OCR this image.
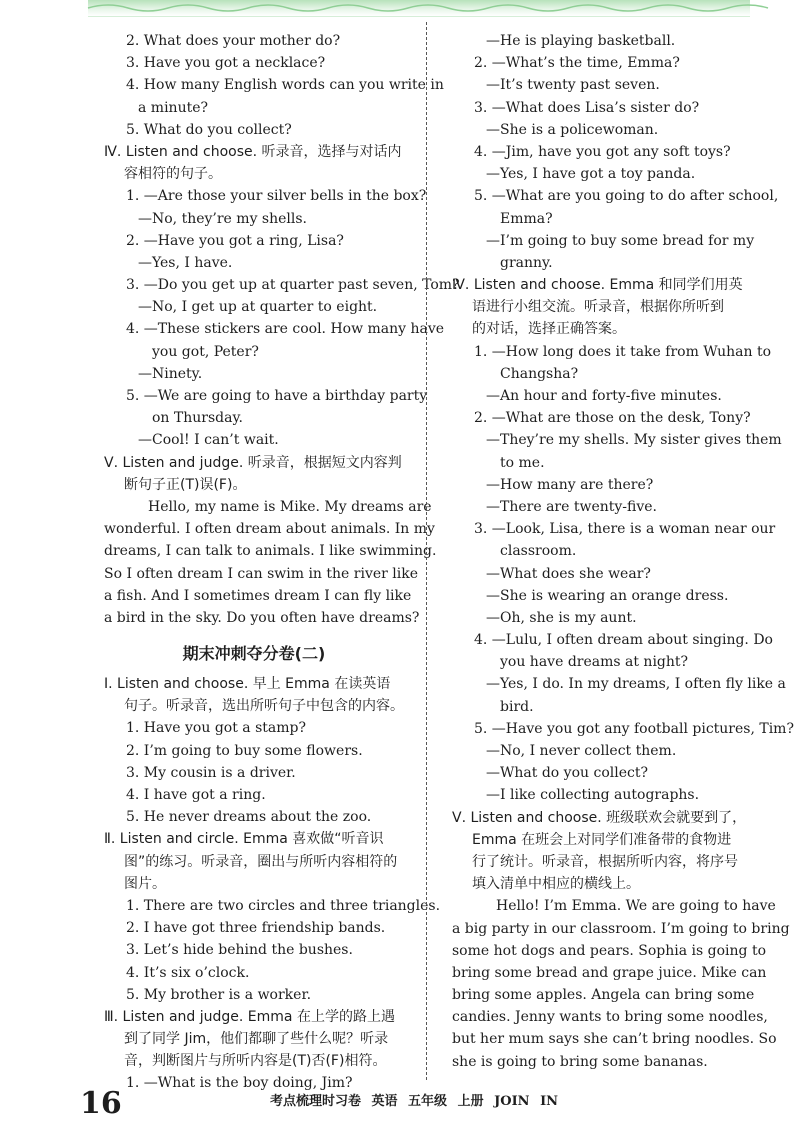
2. What does your mother do?
3. Have you got a necklace?
4. How many English words can you write in
a minute?
5. What do you collect?
Ⅳ. Listen and choose. 听录音，选择与对话内
容相符的句子。
1. —Are those your silver bells in the box?
—No, they’re my shells.
2. —Have you got a ring, Lisa?
—Yes, I have.
3. —Do you get up at quarter past seven, Tom?
—No, I get up at quarter to eight.
4. —These stickers are cool. How many have
you got, Peter?
—Ninety.
5. —We are going to have a birthday party
on Thursday.
—Cool! I can’t wait.
Ⅴ. Listen and judge. 听录音，根据短文内容判
断句子正(T)误(F)。
Hello, my name is Mike. My dreams are
wonderful. I often dream about animals. In my
dreams, I can talk to animals. I like swimming.
So I often dream I can swim in the river like
a fish. And I sometimes dream I can fly like
a bird in the sky. Do you often have dreams?
期末冲刺夺分卷(二)
Ⅰ. Listen and choose. 早上 Emma 在读英语
句子。听录音，选出所听句子中包含的内容。
1. Have you got a stamp?
2. I’m going to buy some flowers.
3. My cousin is a driver.
4. I have got a ring.
5. He never dreams about the zoo.
Ⅱ. Listen and circle. Emma 喜欢做“听音识
图”的练习。听录音，圈出与所听内容相符的
图片。
1. There are two circles and three triangles.
2. I have got three friendship bands.
3. Let’s hide behind the bushes.
4. It’s six o’clock.
5. My brother is a worker.
Ⅲ. Listen and judge. Emma 在上学的路上遇
到了同学 Jim，他们都聊了些什么呢？听录
音，判断图片与所听内容是(T)否(F)相符。
1. —What is the boy doing, Jim?
—He is playing basketball.
2. —What’s the time, Emma?
—It’s twenty past seven.
3. —What does Lisa’s sister do?
—She is a policewoman.
4. —Jim, have you got any soft toys?
—Yes, I have got a toy panda.
5. —What are you going to do after school,
Emma?
—I’m going to buy some bread for my
granny.
Ⅳ. Listen and choose. Emma 和同学们用英
语进行小组交流。听录音，根据你所听到
的对话，选择正确答案。
1. —How long does it take from Wuhan to
Changsha?
—An hour and forty-five minutes.
2. —What are those on the desk, Tony?
—They’re my shells. My sister gives them
to me.
—How many are there?
—There are twenty-five.
3. —Look, Lisa, there is a woman near our
classroom.
—What does she wear?
—She is wearing an orange dress.
—Oh, she is my aunt.
4. —Lulu, I often dream about singing. Do
you have dreams at night?
—Yes, I do. In my dreams, I often fly like a
bird.
5. —Have you got any football pictures, Tim?
—No, I never collect them.
—What do you collect?
—I like collecting autographs.
Ⅴ. Listen and choose. 班级联欢会就要到了，
Emma 在班会上对同学们准备带的食物进
行了统计。听录音，根据所听内容，将序号
填入清单中相应的横线上。
Hello! I’m Emma. We are going to have
a big party in our classroom. I’m going to bring
some hot dogs and pears. Sophia is going to
bring some bread and grape juice. Mike can
bring some apples. Angela can bring some
candies. Jenny wants to bring some noodles,
but her mum says she can’t bring noodles. So
she is going to bring some bananas.
16	考点梳理时习卷 英语 五年级 上册 JOIN IN
